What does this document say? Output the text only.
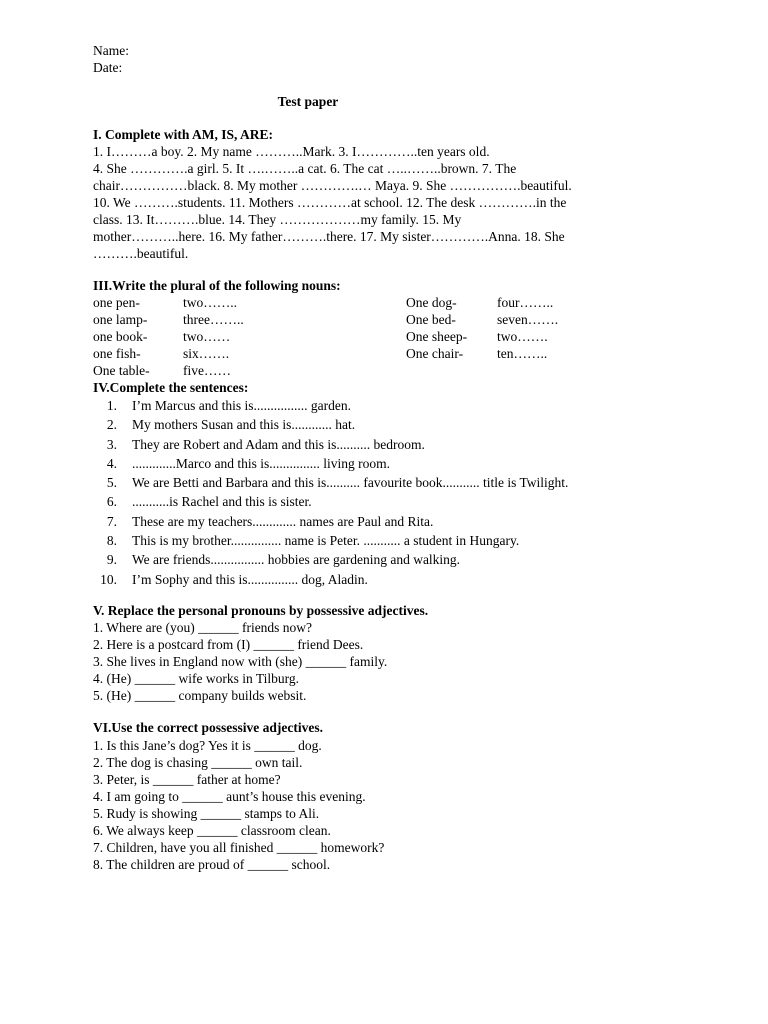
Name:
Date:
Test paper
I. Complete with AM, IS, ARE:
1. I………a boy. 2. My name ………..Mark. 3. I…………..ten years old.
4. She ………….a girl. 5. It ….……..a cat. 6. The cat …..……..brown. 7. The
chair……………black. 8. My mother ………….… Maya. 9. She …………….beautiful.
10. We ……….students. 11. Mothers …………at school. 12. The desk ………….in the
class. 13. It……….blue. 14. They ………………my family. 15. My
mother………..here. 16. My father……….there. 17. My sister………….Anna. 18. She
……….beautiful.
III.Write the plural of the following nouns:
one pen-
one lamp-
one book-
one fish-
One table-
two……..
three……..
two……
six…….
five……
One dog-
One bed-
One sheep-
One chair-
four……..
seven…….
two…….
ten……..
IV.Complete the sentences:
1. I’m Marcus and this is................ garden.
2. My mothers Susan and this is............ hat.
3. They are Robert and Adam and this is.......... bedroom.
4. .............Marco and this is............... living room.
5. We are Betti and Barbara and this is.......... favourite book........... title is Twilight.
6. ...........is Rachel and this is sister.
7. These are my teachers............. names are Paul and Rita.
8. This is my brother............... name is Peter. ........... a student in Hungary.
9. We are friends................ hobbies are gardening and walking.
10. I’m Sophy and this is............... dog, Aladin.
V. Replace the personal pronouns by possessive adjectives.
1. Where are (you) ______ friends now?
2. Here is a postcard from (I) ______ friend Dees.
3. She lives in England now with (she) ______ family.
4. (He) ______ wife works in Tilburg.
5. (He) ______ company builds websit.
VI.Use the correct possessive adjectives.
1. Is this Jane’s dog? Yes it is ______ dog.
2. The dog is chasing ______ own tail.
3. Peter, is ______ father at home?
4. I am going to ______ aunt’s house this evening.
5. Rudy is showing ______ stamps to Ali.
6. We always keep ______ classroom clean.
7. Children, have you all finished ______ homework?
8. The children are proud of ______ school.
